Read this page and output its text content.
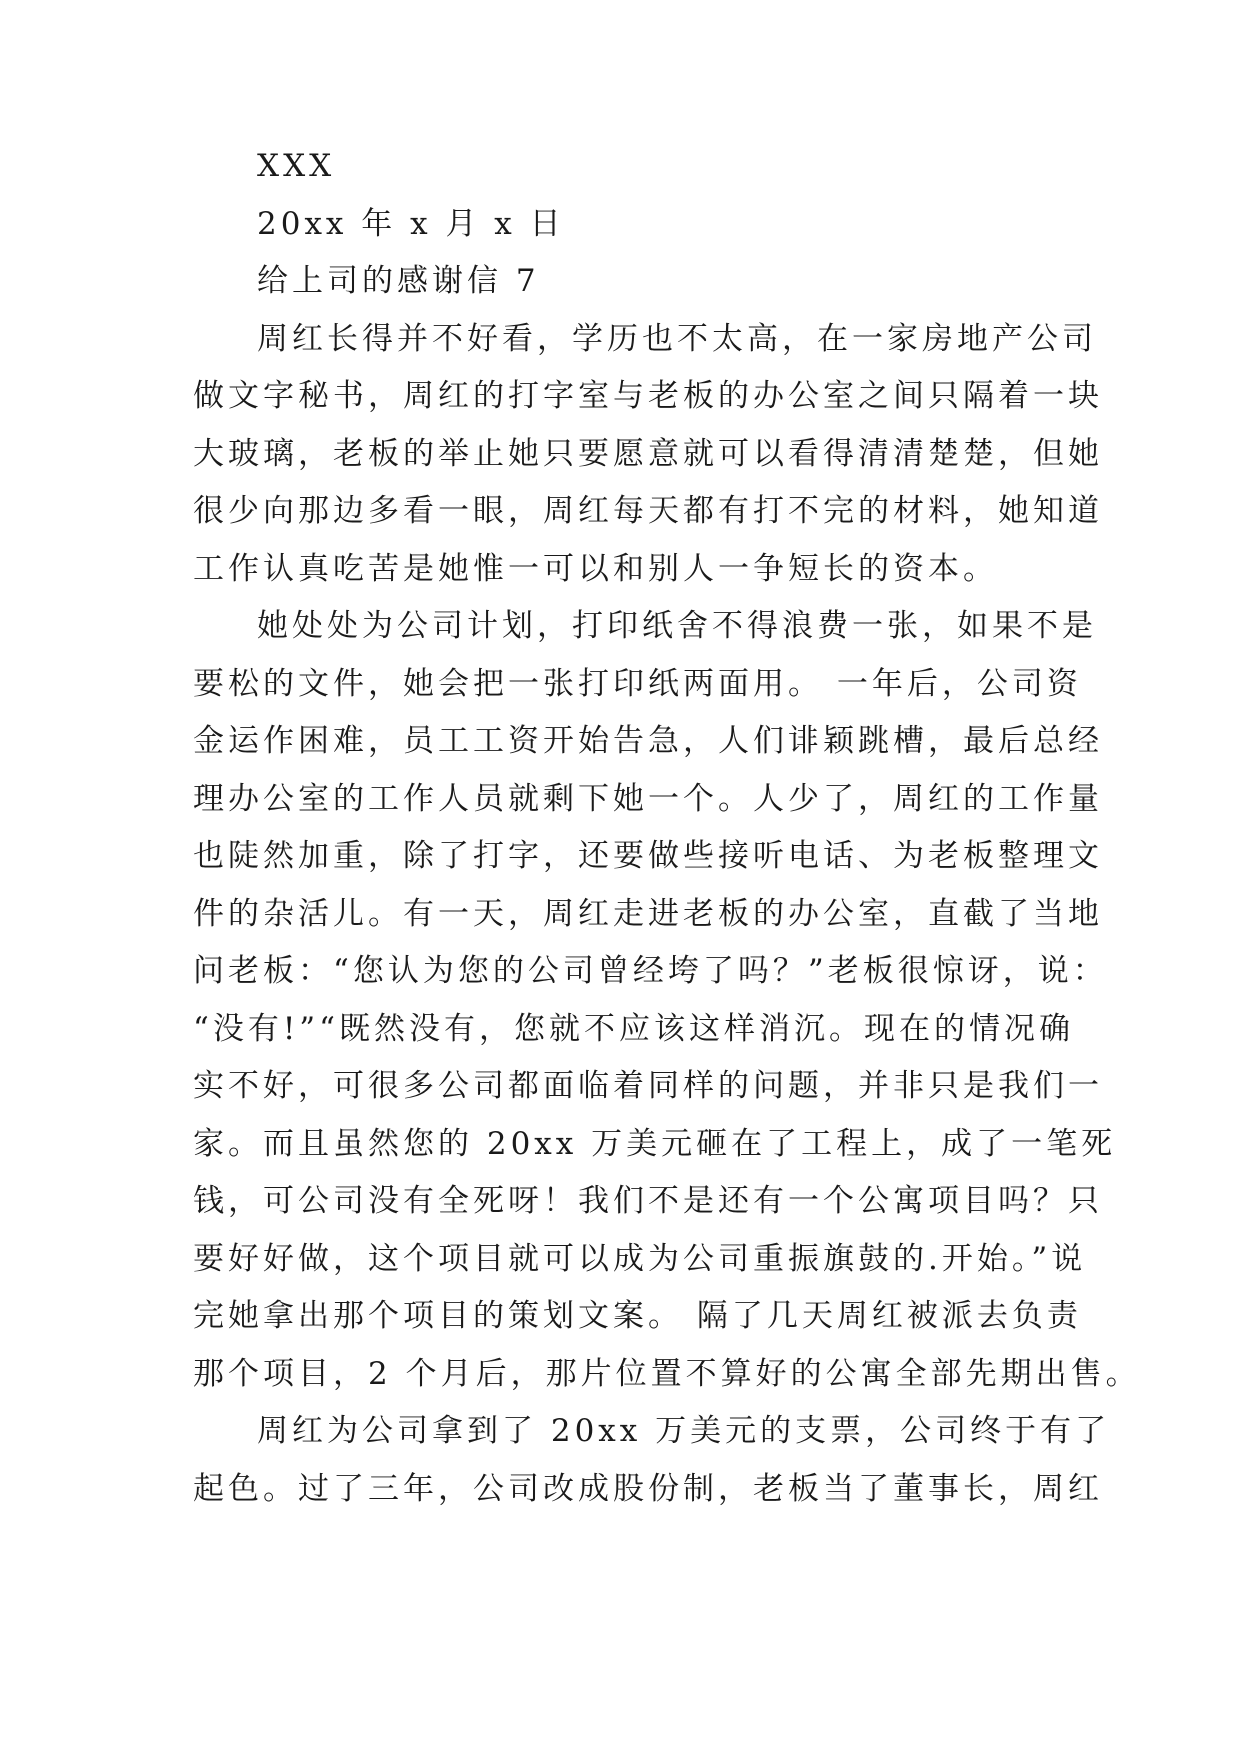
XXX
20xx 年 x 月 x 日
给上司的感谢信 7
周红长得并不好看，学历也不太高，在一家房地产公司
做文字秘书，周红的打字室与老板的办公室之间只隔着一块
大玻璃，老板的举止她只要愿意就可以看得清清楚楚，但她
很少向那边多看一眼，周红每天都有打不完的材料，她知道
工作认真吃苦是她惟一可以和别人一争短长的资本。
她处处为公司计划，打印纸舍不得浪费一张，如果不是
要松的文件，她会把一张打印纸两面用。 一年后，公司资
金运作困难，员工工资开始告急，人们诽颖跳槽，最后总经
理办公室的工作人员就剩下她一个。人少了，周红的工作量
也陡然加重，除了打字，还要做些接听电话、为老板整理文
件的杂活儿。有一天，周红走进老板的办公室，直截了当地
问老板：“您认为您的公司曾经垮了吗？”老板很惊讶，说：
“没有!”“既然没有，您就不应该这样消沉。现在的情况确
实不好，可很多公司都面临着同样的问题，并非只是我们一
家。而且虽然您的 20xx 万美元砸在了工程上，成了一笔死
钱，可公司没有全死呀！我们不是还有一个公寓项目吗？只
要好好做，这个项目就可以成为公司重振旗鼓的.开始。”说
完她拿出那个项目的策划文案。 隔了几天周红被派去负责
那个项目，2 个月后，那片位置不算好的公寓全部先期出售。
周红为公司拿到了 20xx 万美元的支票，公司终于有了
起色。过了三年，公司改成股份制，老板当了董事长，周红
